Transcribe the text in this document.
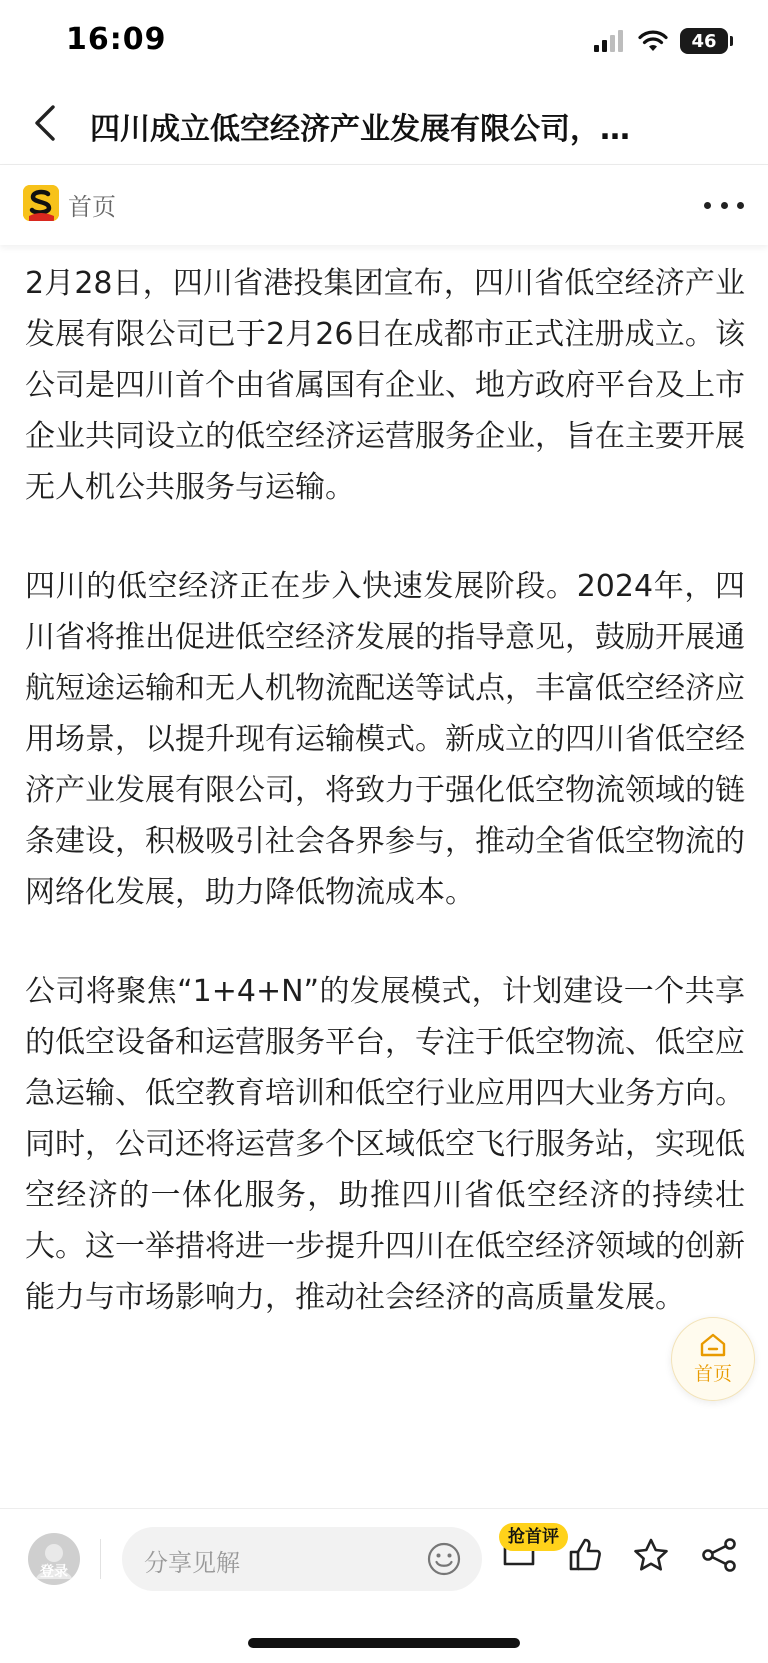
16:09	46
四川成立低空经济产业发展有限公司，…
首页

2月28日，四川省港投集团宣布，四川省低空经济产业发展有限公司已于2月26日在成都市正式注册成立。该公司是四川首个由省属国有企业、地方政府平台及上市企业共同设立的低空经济运营服务企业，旨在主要开展无人机公共服务与运输。

四川的低空经济正在步入快速发展阶段。2024年，四川省将推出促进低空经济发展的指导意见，鼓励开展通航短途运输和无人机物流配送等试点，丰富低空经济应用场景，以提升现有运输模式。新成立的四川省低空经济产业发展有限公司，将致力于强化低空物流领域的链条建设，积极吸引社会各界参与，推动全省低空物流的网络化发展，助力降低物流成本。

公司将聚焦“1+4+N”的发展模式，计划建设一个共享的低空设备和运营服务平台，专注于低空物流、低空应急运输、低空教育培训和低空行业应用四大业务方向。同时，公司还将运营多个区域低空飞行服务站，实现低空经济的一体化服务，助推四川省低空经济的持续壮大。这一举措将进一步提升四川在低空经济领域的创新能力与市场影响力，推动社会经济的高质量发展。

首页
登录	分享见解
抢首评
